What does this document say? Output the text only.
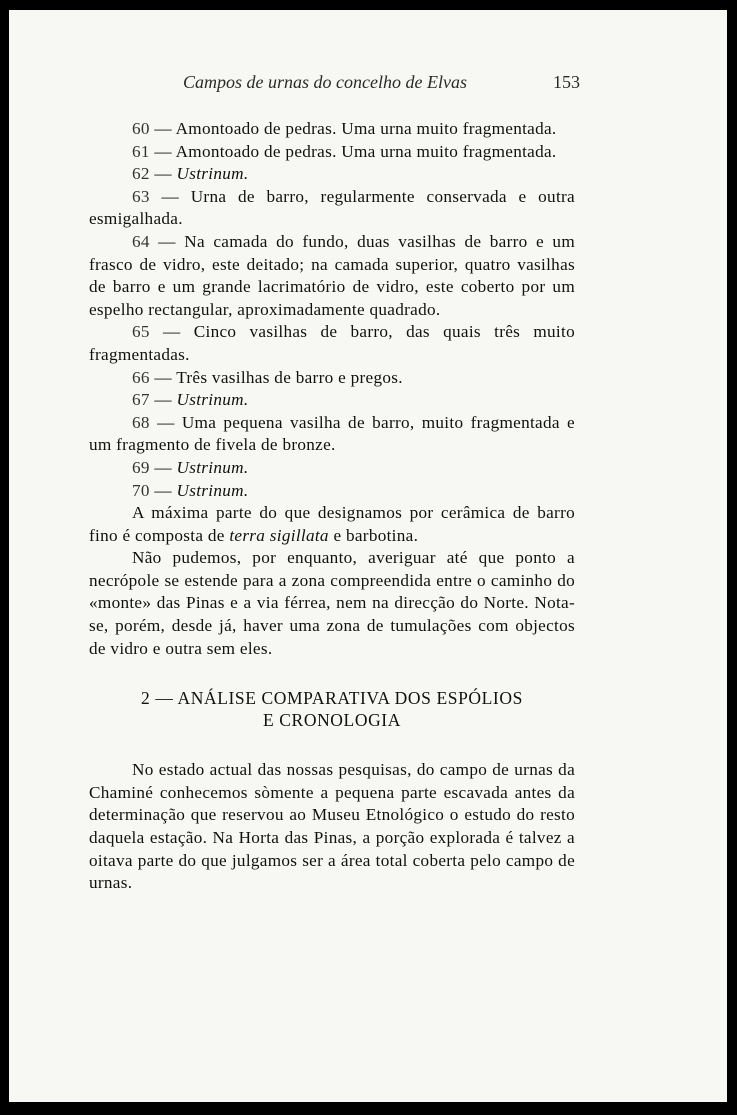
Campos de urnas do concelho de Elvas	153

60 — Amontoado de pedras. Uma urna muito fragmentada.

61 — Amontoado de pedras. Uma urna muito fragmentada.

62 — Ustrinum.

63 — Urna de barro, regularmente conservada e outra esmigalhada.

64 — Na camada do fundo, duas vasilhas de barro e um frasco de vidro, este deitado; na camada superior, quatro vasilhas de barro e um grande lacrimatório de vidro, este coberto por um espelho rectangular, aproximadamente quadrado.

65 — Cinco vasilhas de barro, das quais três muito fragmentadas.

66 — Três vasilhas de barro e pregos.

67 — Ustrinum.

68 — Uma pequena vasilha de barro, muito fragmentada e um fragmento de fivela de bronze.

69 — Ustrinum.

70 — Ustrinum.

A máxima parte do que designamos por cerâmica de barro fino é composta de terra sigillata e barbotina.

Não pudemos, por enquanto, averiguar até que ponto a necrópole se estende para a zona compreendida entre o caminho do «monte» das Pinas e a via férrea, nem na direcção do Norte. Nota-se, porém, desde já, haver uma zona de tumulações com objectos de vidro e outra sem eles.

2 — ANÁLISE COMPARATIVA DOS ESPÓLIOS
E CRONOLOGIA

No estado actual das nossas pesquisas, do campo de urnas da Chaminé conhecemos sòmente a pequena parte escavada antes da determinação que reservou ao Museu Etnológico o estudo do resto daquela estação. Na Horta das Pinas, a porção explorada é talvez a oitava parte do que julgamos ser a área total coberta pelo campo de urnas.
